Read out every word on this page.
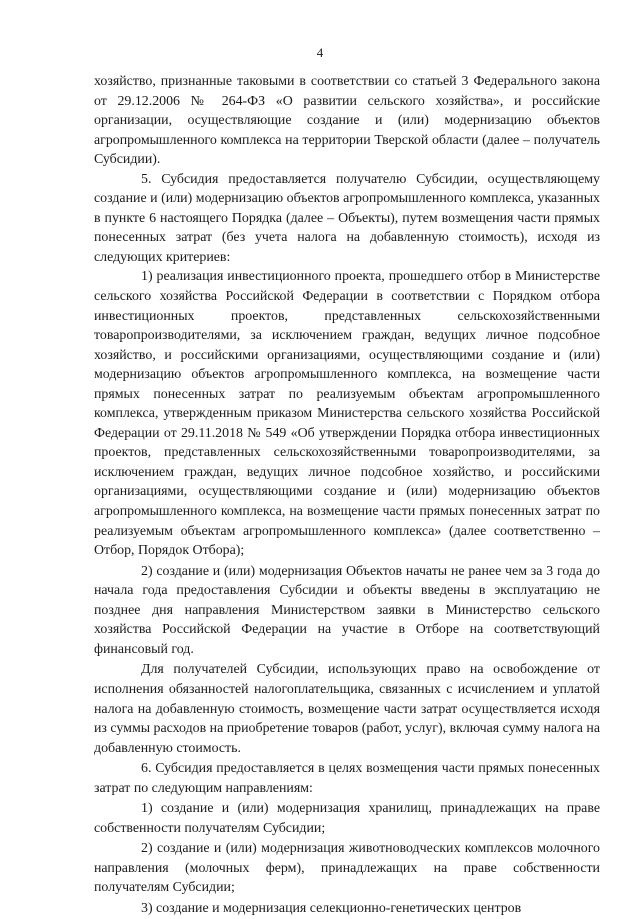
4

хозяйство, признанные таковыми в соответствии со статьей 3 Федерального закона от 29.12.2006 № 264-ФЗ «О развитии сельского хозяйства», и российские организации, осуществляющие создание и (или) модернизацию объектов агропромышленного комплекса на территории Тверской области (далее – получатель Субсидии).

5. Субсидия предоставляется получателю Субсидии, осуществляющему создание и (или) модернизацию объектов агропромышленного комплекса, указанных в пункте 6 настоящего Порядка (далее – Объекты), путем возмещения части прямых понесенных затрат (без учета налога на добавленную стоимость), исходя из следующих критериев:

1) реализация инвестиционного проекта, прошедшего отбор в Министерстве сельского хозяйства Российской Федерации в соответствии с Порядком отбора инвестиционных проектов, представленных сельскохозяйственными товаропроизводителями, за исключением граждан, ведущих личное подсобное хозяйство, и российскими организациями, осуществляющими создание и (или) модернизацию объектов агропромышленного комплекса, на возмещение части прямых понесенных затрат по реализуемым объектам агропромышленного комплекса, утвержденным приказом Министерства сельского хозяйства Российской Федерации от 29.11.2018 № 549 «Об утверждении Порядка отбора инвестиционных проектов, представленных сельскохозяйственными товаропроизводителями, за исключением граждан, ведущих личное подсобное хозяйство, и российскими организациями, осуществляющими создание и (или) модернизацию объектов агропромышленного комплекса, на возмещение части прямых понесенных затрат по реализуемым объектам агропромышленного комплекса» (далее соответственно – Отбор, Порядок Отбора);

2) создание и (или) модернизация Объектов начаты не ранее чем за 3 года до начала года предоставления Субсидии и объекты введены в эксплуатацию не позднее дня направления Министерством заявки в Министерство сельского хозяйства Российской Федерации на участие в Отборе на соответствующий финансовый год.

Для получателей Субсидии, использующих право на освобождение от исполнения обязанностей налогоплательщика, связанных с исчислением и уплатой налога на добавленную стоимость, возмещение части затрат осуществляется исходя из суммы расходов на приобретение товаров (работ, услуг), включая сумму налога на добавленную стоимость.

6. Субсидия предоставляется в целях возмещения части прямых понесенных затрат по следующим направлениям:

1) создание и (или) модернизация хранилищ, принадлежащих на праве собственности получателям Субсидии;

2) создание и (или) модернизация животноводческих комплексов молочного направления (молочных ферм), принадлежащих на праве собственности получателям Субсидии;

3) создание и модернизация селекционно-генетических центров
